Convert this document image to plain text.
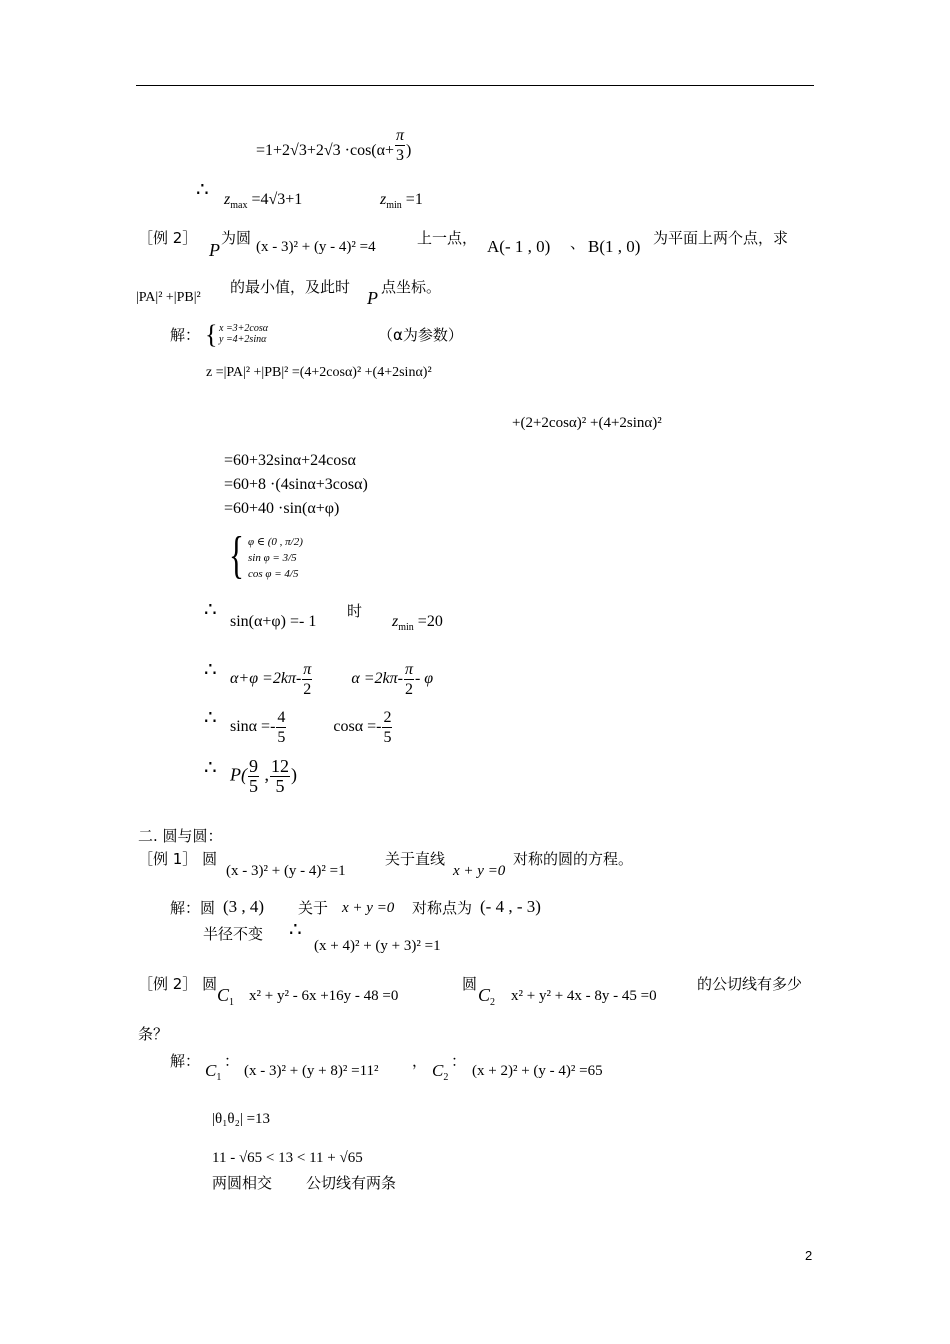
$=1+2√3+2√3 \cdot\cos(\alpha+ \frac{\pi}{3}$ )
∴ $z_{max} =4√3+1$	$z_{min} =1$
［例 2］
P
为圆 (x - 3)² + (y - 4)² =4	上一点， A(- 1 , 0) 、 B(1 , 0) 为平面上两个点，求
|PA|² +|PB|²
的最小值，及此时
P
点坐标。
解： { x =3+2cosα
y =4+2sinα	（α为参数）
z =|PA|² +|PB|² =(4+2cosα)² +(4+2sinα)²
+(2+2cosα)² +(4+2sinα)²
=60+32sinα+24cosα
=60+8 ·(4sinα+3cosα)
=60+40 ·sin(α+φ)
{ φ ∈ (0 , π/2)
sin φ = 3/5
cos φ = 4/5
∴
sin(α+φ) =- 1
时
$z_{min} =20$
∴ $\alpha+\varphi =2k\pi- \frac{\pi}{2}$ $\alpha =2k\pi- \frac{\pi}{2} - \varphi$
∴ $\sin\alpha =- \frac{4}{5}$	$\cos\alpha =- \frac{2}{5}$
∴ $P( \frac{9}{5}$ , $\frac{12}{5}$ )
二. 圆与圆：
［例 1］ 圆
(x - 3)² + (y - 4)² =1
关于直线
x + y =0
对称的圆的方程。
解：圆 (3 , 4) 关于 x + y =0 对称点为 (- 4 , - 3)
半径不变 ∴
(x + 4)² + (y + 3)² =1
［例 2］ 圆
$C_1$ x² + y² - 6x +16y - 48 =0
圆
$C_2$ x² + y² + 4x - 8y - 45 =0
的公切线有多少
条？
解： $C_1$
：
(x - 3)² + (y + 8)² =11²
， $C_2$
：
(x + 2)² + (y - 4)² =65
|θ₁θ₂| =13
11 - √65 < 13 < 11 + √65
两圆相交 公切线有两条
2
